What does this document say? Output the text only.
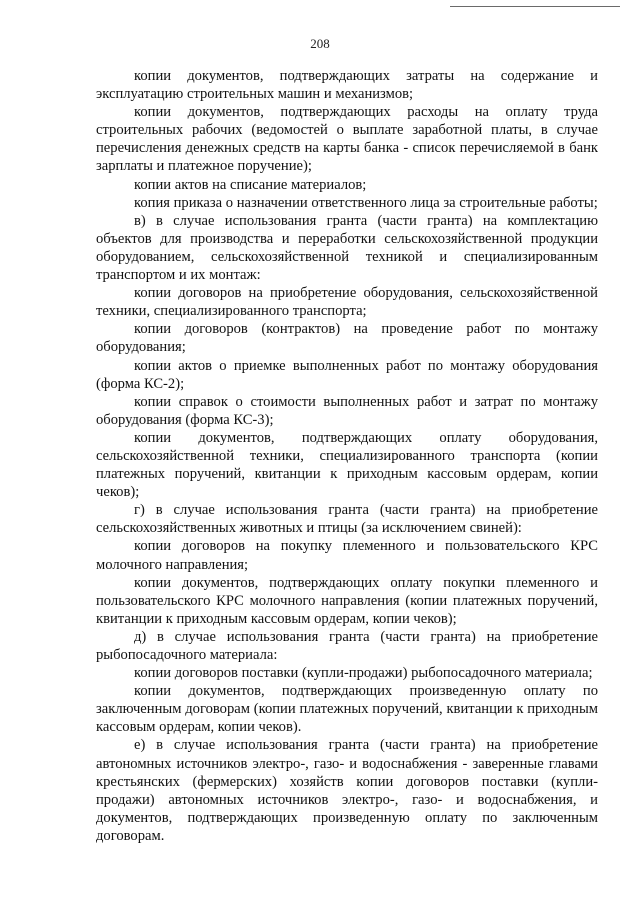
208

копии документов, подтверждающих затраты на содержание и эксплуатацию строительных машин и механизмов;

копии документов, подтверждающих расходы на оплату труда строительных рабочих (ведомостей о выплате заработной платы, в случае перечисления денежных средств на карты банка - список перечисляемой в банк зарплаты и платежное поручение);

копии актов на списание материалов;

копия приказа о назначении ответственного лица за строительные работы;

в) в случае использования гранта (части гранта) на комплектацию объектов для производства и переработки сельскохозяйственной продукции оборудованием, сельскохозяйственной техникой и специализированным транспортом и их монтаж:

копии договоров на приобретение оборудования, сельскохозяйственной техники, специализированного транспорта;

копии договоров (контрактов) на проведение работ по монтажу оборудования;

копии актов о приемке выполненных работ по монтажу оборудования (форма КС-2);

копии справок о стоимости выполненных работ и затрат по монтажу оборудования (форма КС-3);

копии документов, подтверждающих оплату оборудования, сельскохозяйственной техники, специализированного транспорта (копии платежных поручений, квитанции к приходным кассовым ордерам, копии чеков);

г) в случае использования гранта (части гранта) на приобретение сельскохозяйственных животных и птицы (за исключением свиней):

копии договоров на покупку племенного и пользовательского КРС молочного направления;

копии документов, подтверждающих оплату покупки племенного и пользовательского КРС молочного направления (копии платежных поручений, квитанции к приходным кассовым ордерам, копии чеков);

д) в случае использования гранта (части гранта) на приобретение рыбопосадочного материала:

копии договоров поставки (купли-продажи) рыбопосадочного материала;

копии документов, подтверждающих произведенную оплату по заключенным договорам (копии платежных поручений, квитанции к приходным кассовым ордерам, копии чеков).

е) в случае использования гранта (части гранта) на приобретение автономных источников электро-, газо- и водоснабжения - заверенные главами крестьянских (фермерских) хозяйств копии договоров поставки (купли-продажи) автономных источников электро-, газо- и водоснабжения, и документов, подтверждающих произведенную оплату по заключенным договорам.
